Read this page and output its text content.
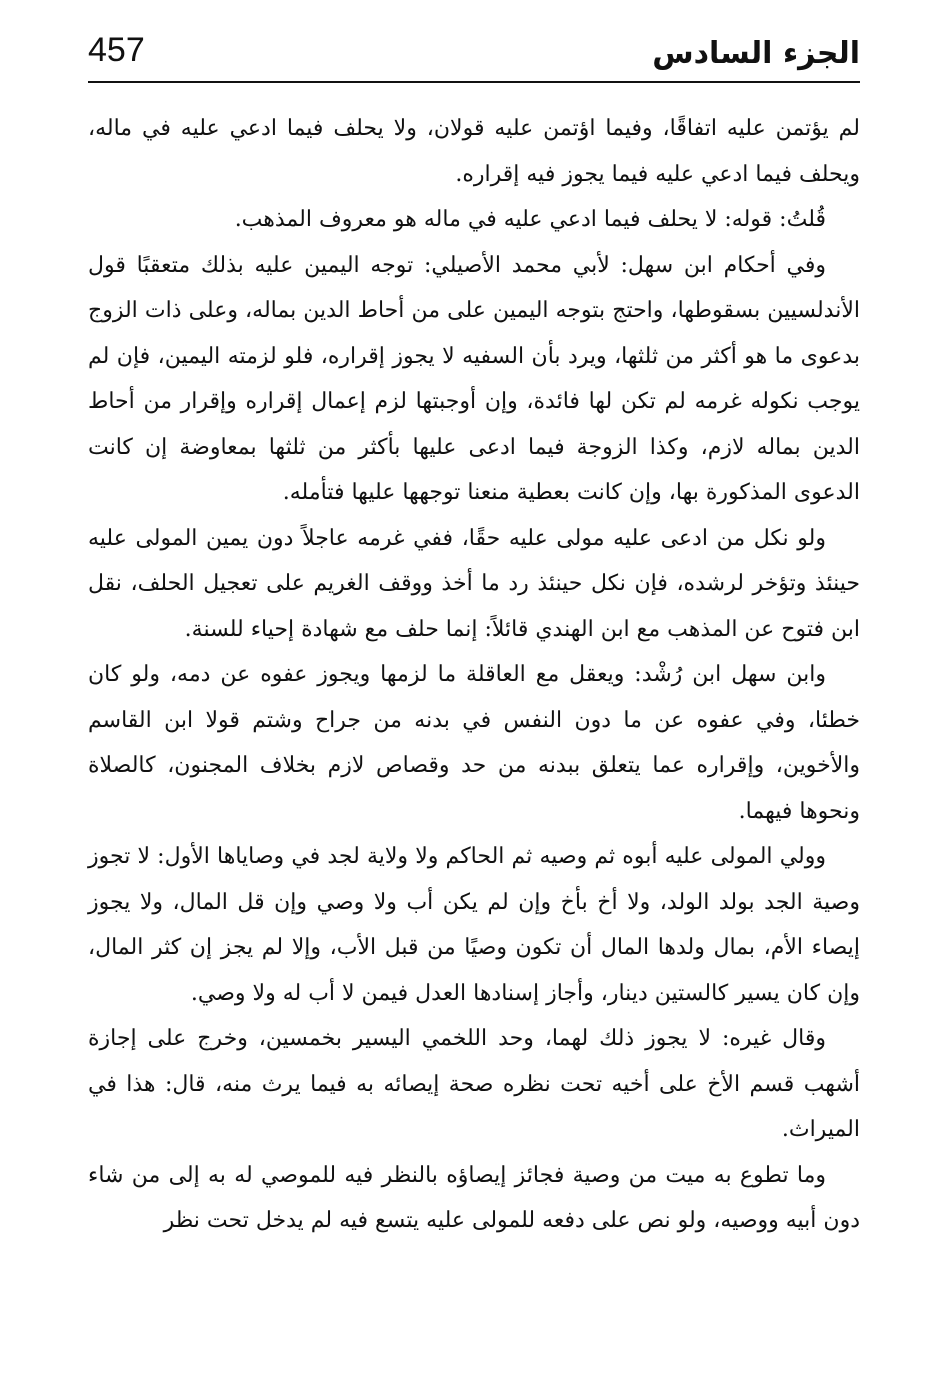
الجزء السادس
457

لم يؤتمن عليه اتفاقًا، وفيما اؤتمن عليه قولان، ولا يحلف فيما ادعي عليه في ماله، ويحلف فيما ادعي عليه فيما يجوز فيه إقراره.

قُلتُ: قوله: لا يحلف فيما ادعي عليه في ماله هو معروف المذهب.

وفي أحكام ابن سهل: لأبي محمد الأصيلي: توجه اليمين عليه بذلك متعقبًا قول الأندلسيين بسقوطها، واحتج بتوجه اليمين على من أحاط الدين بماله، وعلى ذات الزوج بدعوى ما هو أكثر من ثلثها، ويرد بأن السفيه لا يجوز إقراره، فلو لزمته اليمين، فإن لم يوجب نكوله غرمه لم تكن لها فائدة، وإن أوجبتها لزم إعمال إقراره وإقرار من أحاط الدين بماله لازم، وكذا الزوجة فيما ادعى عليها بأكثر من ثلثها بمعاوضة إن كانت الدعوى المذكورة بها، وإن كانت بعطية منعنا توجهها عليها فتأمله.

ولو نكل من ادعى عليه مولى عليه حقًا، ففي غرمه عاجلاً دون يمين المولى عليه حينئذ وتؤخر لرشده، فإن نكل حينئذ رد ما أخذ ووقف الغريم على تعجيل الحلف، نقل ابن فتوح عن المذهب مع ابن الهندي قائلاً: إنما حلف مع شهادة إحياء للسنة.

وابن سهل ابن رُشْد: ويعقل مع العاقلة ما لزمها ويجوز عفوه عن دمه، ولو كان خطئا، وفي عفوه عن ما دون النفس في بدنه من جراح وشتم قولا ابن القاسم والأخوين، وإقراره عما يتعلق ببدنه من حد وقصاص لازم بخلاف المجنون، كالصلاة ونحوها فيهما.

وولي المولى عليه أبوه ثم وصيه ثم الحاكم ولا ولاية لجد في وصاياها الأول: لا تجوز وصية الجد بولد الولد، ولا أخ بأخ وإن لم يكن أب ولا وصي وإن قل المال، ولا يجوز إيصاء الأم، بمال ولدها المال أن تكون وصيًا من قبل الأب، وإلا لم يجز إن كثر المال، وإن كان يسير كالستين دينار، وأجاز إسنادها العدل فيمن لا أب له ولا وصي.

وقال غيره: لا يجوز ذلك لهما، وحد اللخمي اليسير بخمسين، وخرج على إجازة أشهب قسم الأخ على أخيه تحت نظره صحة إيصائه به فيما يرث منه، قال: هذا في الميراث.

وما تطوع به ميت من وصية فجائز إيصاؤه بالنظر فيه للموصي له به إلى من شاء دون أبيه ووصيه، ولو نص على دفعه للمولى عليه يتسع فيه لم يدخل تحت نظر
